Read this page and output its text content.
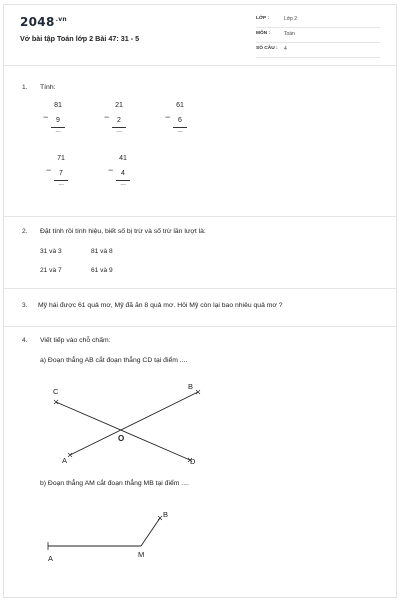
$2048^{.vn}$
Vở bài tập Toán lớp 2 Bài 47: 31 - 5
LỚP :	Lớp 2
MÔN :	Toán
SỐ CÂU : 4
1. Tính:
−
81
9
......
−
21
2
......
−
61
6
......
−
71
7
......
−
41
4
......
2. Đặt tính rồi tính hiệu, biết số bị trừ và số trừ lần lượt là:
31 và 3	81 và 8
21 và 7	61 và 9
3. Mỹ hái được 61 quả mơ, Mỹ đã ăn 8 quả mơ. Hỏi Mỹ còn lại bao nhiêu quả mơ ?
4. Viết tiếp vào chỗ chấm:
a) Đoạn thẳng AB cắt đoạn thẳng CD tại điểm ....
C
B
O
A	D
B
A	M
b) Đoạn thẳng AM cắt đoạn thẳng MB tại điểm ....
